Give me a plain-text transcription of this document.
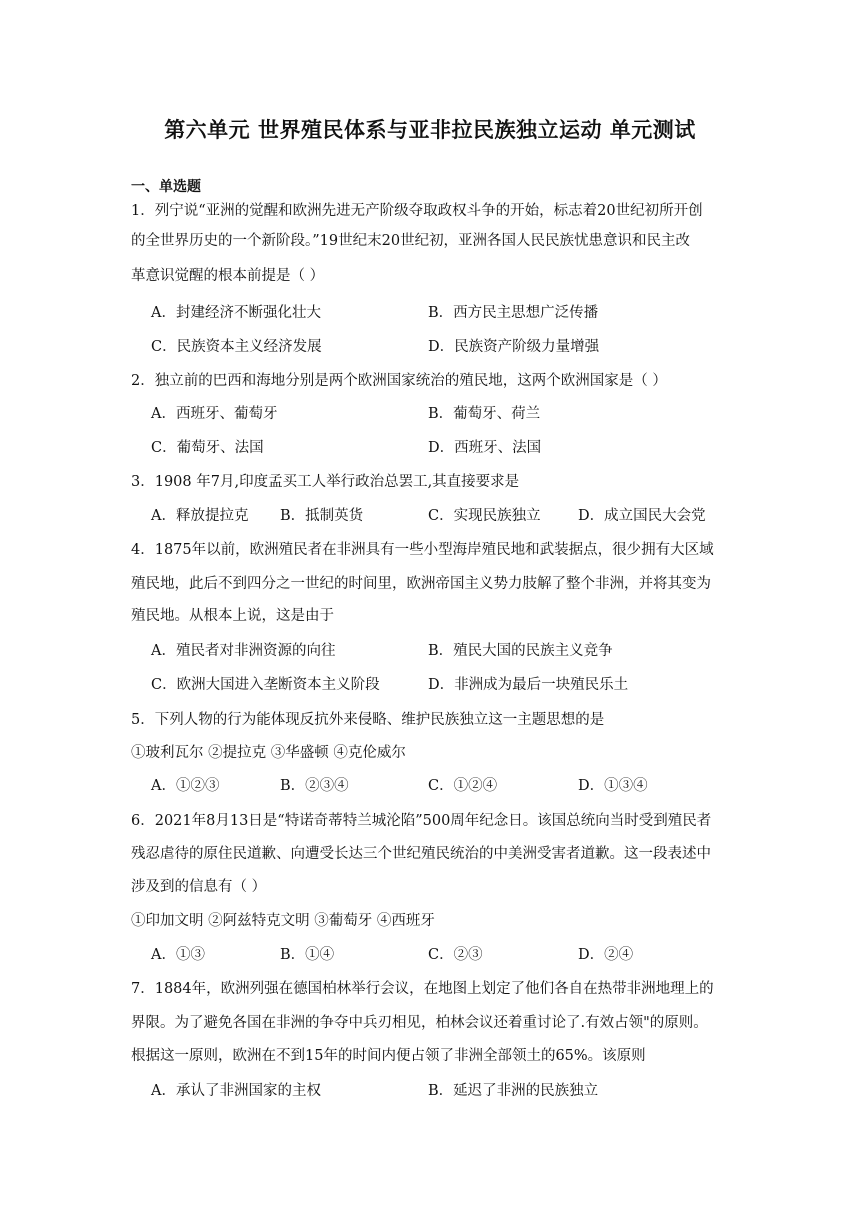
第六单元 世界殖民体系与亚非拉民族独立运动 单元测试
一、单选题
1．列宁说“亚洲的觉醒和欧洲先进无产阶级夺取政权斗争的开始，标志着20世纪初所开创
的全世界历史的一个新阶段。”19世纪末20世纪初，亚洲各国人民民族忧患意识和民主改
革意识觉醒的根本前提是（ ）
A．封建经济不断强化壮大	B．西方民主思想广泛传播
C．民族资本主义经济发展	D．民族资产阶级力量增强
2．独立前的巴西和海地分别是两个欧洲国家统治的殖民地，这两个欧洲国家是（ ）
A．西班牙、葡萄牙	B．葡萄牙、荷兰
C．葡萄牙、法国	D．西班牙、法国
3．1908 年7月,印度孟买工人举行政治总罢工,其直接要求是
A．释放提拉克 B．抵制英货	C．实现民族独立	D．成立国民大会党
4．1875年以前，欧洲殖民者在非洲具有一些小型海岸殖民地和武装据点，很少拥有大区域
殖民地，此后不到四分之一世纪的时间里，欧洲帝国主义势力肢解了整个非洲，并将其变为
殖民地。从根本上说，这是由于
A．殖民者对非洲资源的向往	B．殖民大国的民族主义竞争
C．欧洲大国进入垄断资本主义阶段	D．非洲成为最后一块殖民乐土
5．下列人物的行为能体现反抗外来侵略、维护民族独立这一主题思想的是
①玻利瓦尔 ②提拉克 ③华盛顿 ④克伦威尔
A．①②③	B．②③④	C．①②④	D．①③④
6．2021年8月13日是“特诺奇蒂特兰城沦陷”500周年纪念日。该国总统向当时受到殖民者
残忍虐待的原住民道歉、向遭受长达三个世纪殖民统治的中美洲受害者道歉。这一段表述中
涉及到的信息有（ ）
①印加文明 ②阿兹特克文明 ③葡萄牙 ④西班牙
A．①③	B．①④	C．②③	D．②④
7．1884年，欧洲列强在德国柏林举行会议，在地图上划定了他们各自在热带非洲地理上的
界限。为了避免各国在非洲的争夺中兵刃相见，柏林会议还着重讨论了.有效占领"的原则。
根据这一原则，欧洲在不到15年的时间内便占领了非洲全部领土的65%。该原则
A．承认了非洲国家的主权	B．延迟了非洲的民族独立
